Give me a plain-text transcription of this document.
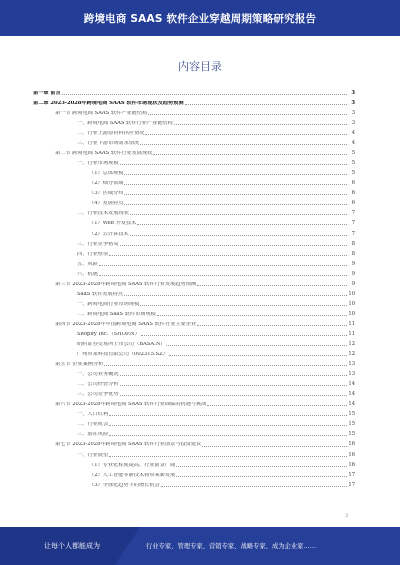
跨境电商 SAAS 软件企业穿越周期策略研究报告
内容目录
第一章 前言	3
第二章 2023-2028年跨境电商 SAAS 软件市场现状及趋势预测	3
第一节 跨境电商 SAAS 软件产业链结构	3
一、跨境电商 SAAS 软件行业产业链结构	3
二、行业上游原材料供应情况	4
三、行业下游市场需求情况	4
第二节 跨境电商 SAAS 软件行业发展现状	5
一、行业市场规模	5
（1）总体规模	5
（2）细分领域	6
（3）区域分布	6
（4）发展特点	6
二、行业技术发展现状	7
（1）Web 开发技术	7
（2）云计算技术	7
三、行业竞争格局	8
四、行业壁垒	8
五、风险	9
六、机遇	9
第三节 2023-2028年跨境电商 SAAS 软件行业发展趋势预测	9
SaaS 软件发展特点	10
一、跨境电商行业市场规模	10
二、跨境电商 SaaS 软件市场规模	10
第四节 2023-2028年中国跨境电商 SAAS 软件行业主要企业	11
Shopify Inc.（SHOP.N）	11
纽约证券交易所上市公司（BASA.N）	12
广州市某科技有限公司（002315.SZ）	12
第五节 企业案例分析	13
一、公司业务概况	13
二、公司经营分析	14
三、公司竞争优势	14
第六节 2023-2028年跨境电商 SAAS 软件行业面临的机遇与挑战	14
一、人口红利	15
二、行业机会	15
三、潜在风险	15
第七节 2023-2028年跨境电商 SAAS 软件行业前景与投资建议	16
一、行业展望	16
（1）专业化程度提高，行业前景广阔	16
（2）人工智能等新技术将带来新发展	17
（3）全球化趋势下的增长机会	17
2
让每个人都能成为	行业专家、管理专家、营销专家、战略专家、成为企业家……
